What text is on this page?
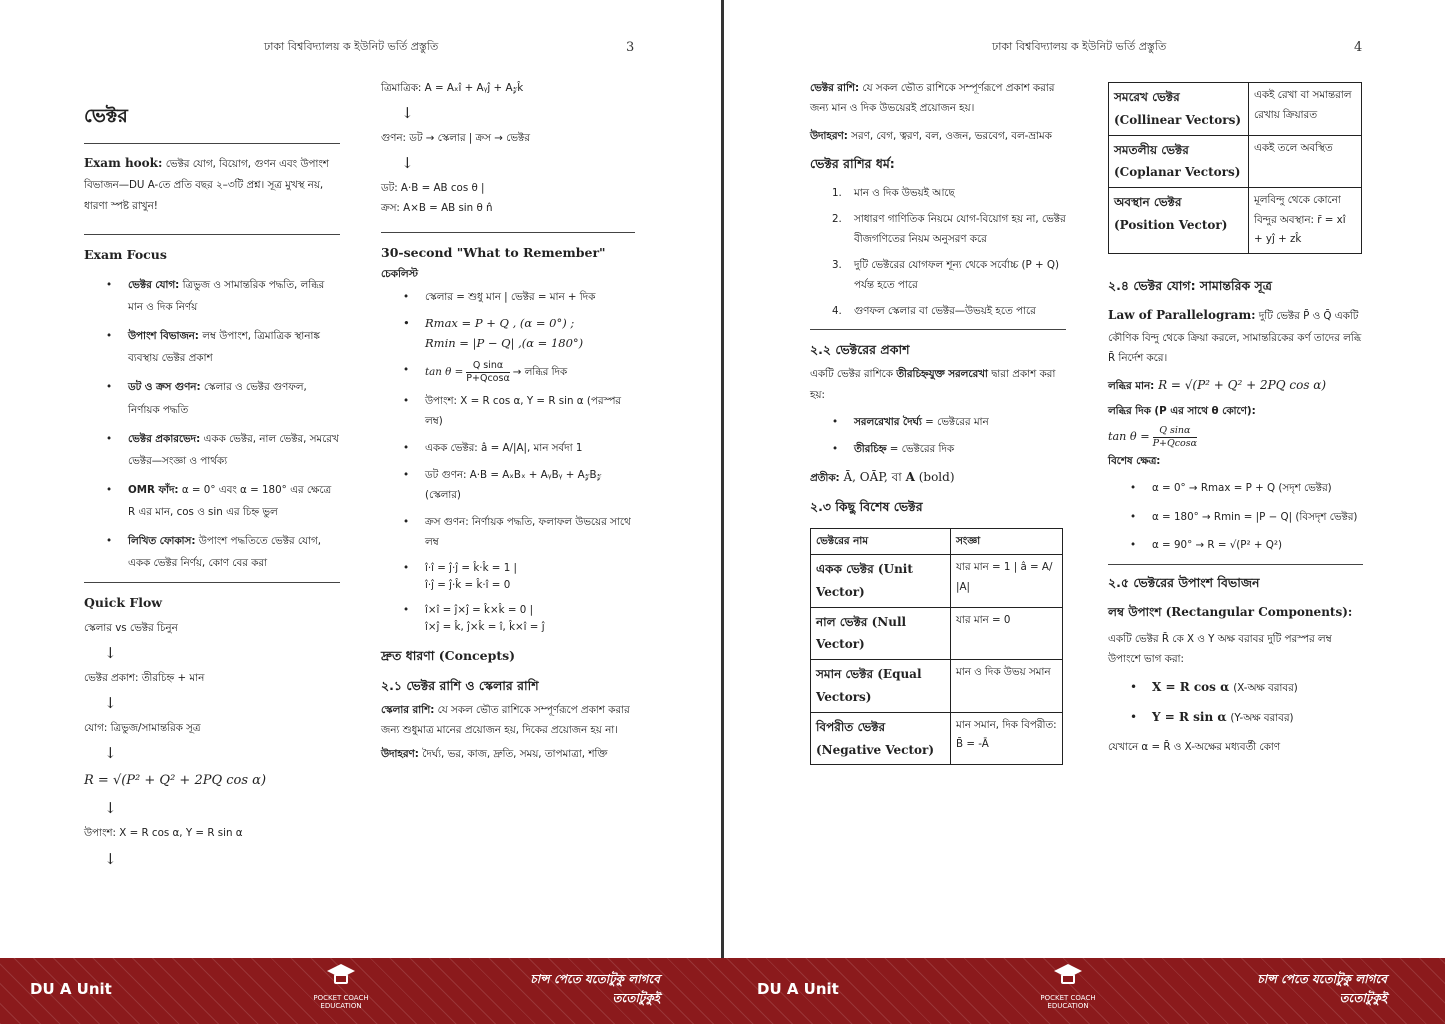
ঢাকা বিশ্ববিদ্যালয় ক ইউনিট ভর্তি প্রস্তুতি	3
ভেক্টর

Exam hook: ভেক্টর যোগ, বিয়োগ, গুণন এবং উপাংশ বিভাজন—DU A-তে প্রতি বছর ২–৩টি প্রশ্ন। সূত্র মুখস্থ নয়, ধারণা স্পষ্ট রাখুন!

Exam Focus
• ভেক্টর যোগ: ত্রিভুজ ও সামান্তরিক পদ্ধতি, লব্ধির মান ও দিক নির্ণয়
• উপাংশ বিভাজন: লম্ব উপাংশ, ত্রিমাত্রিক স্থানাঙ্ক ব্যবস্থায় ভেক্টর প্রকাশ
• ডট ও ক্রস গুণন: স্কেলার ও ভেক্টর গুণফল, নির্ণায়ক পদ্ধতি
• ভেক্টর প্রকারভেদ: একক ভেক্টর, নাল ভেক্টর, সমরেখ ভেক্টর—সংজ্ঞা ও পার্থক্য
• OMR ফাঁদ: α = 0° এবং α = 180° এর ক্ষেত্রে R এর মান, cos ও sin এর চিহ্ন ভুল
• লিখিত ফোকাস: উপাংশ পদ্ধতিতে ভেক্টর যোগ, একক ভেক্টর নির্ণয়, কোণ বের করা
Quick Flow

স্কেলার vs ভেক্টর চিনুন

↓

ভেক্টর প্রকাশ: তীরচিহ্ন + মান

↓

যোগ: ত্রিভুজ/সামান্তরিক সূত্র

↓

R = √(P² + Q² + 2PQ cos α)

↓

উপাংশ: X = R cos α, Y = R sin α

↓

ত্রিমাত্রিক: A = Aₓî + Aᵧĵ + A𝓏k̂

↓

গুণন: ডট → স্কেলার | ক্রস → ভেক্টর

↓

ডট: A·B = AB cos θ |

ক্রস: A×B = AB sin θ n̂

30-second "What to Remember"

চেকলিস্ট

• স্কেলার = শুধু মান | ভেক্টর = মান + দিক
• Rmax = P + Q , (α = 0°) ;
Rmin = |P − Q| ,(α = 180°)
• $\tan \theta = \frac{\text{Q sinα}}{P+Qcos\alpha}$ → লব্ধির দিক
• উপাংশ: X = R cos α, Y = R sin α (পরস্পর লম্ব)
• একক ভেক্টর: â = A/|A|, মান সর্বদা 1
• ডট গুণন: A·B = AₓBₓ + AᵧBᵧ + A𝓏B𝓏 (স্কেলার)
• ক্রস গুণন: নির্ণায়ক পদ্ধতি, ফলাফল উভয়ের সাথে লম্ব
• î·î = ĵ·ĵ = k̂·k̂ = 1 |
î·ĵ = ĵ·k̂ = k̂·î = 0
• î×î = ĵ×ĵ = k̂×k̂ = 0 |
î×ĵ = k̂, ĵ×k̂ = î, k̂×î = ĵ
দ্রুত ধারণা (Concepts)
২.১ ভেক্টর রাশি ও স্কেলার রাশি

স্কেলার রাশি: যে সকল ভৌত রাশিকে সম্পূর্ণরূপে প্রকাশ করার জন্য শুধুমাত্র মানের প্রয়োজন হয়, দিকের প্রয়োজন হয় না।

উদাহরণ: দৈর্ঘ্য, ভর, কাজ, দ্রুতি, সময়, তাপমাত্রা, শক্তি

ঢাকা বিশ্ববিদ্যালয় ক ইউনিট ভর্তি প্রস্তুতি	4

ভেক্টর রাশি: যে সকল ভৌত রাশিকে সম্পূর্ণরূপে প্রকাশ করার জন্য মান ও দিক উভয়েরই প্রয়োজন হয়।

উদাহরণ: সরণ, বেগ, ত্বরণ, বল, ওজন, ভরবেগ, বল-ভ্রামক

ভেক্টর রাশির ধর্ম:
1. মান ও দিক উভয়ই আছে
2. সাধারণ গাণিতিক নিয়মে যোগ-বিয়োগ হয় না, ভেক্টর বীজগণিতের নিয়ম অনুসরণ করে
3. দুটি ভেক্টরের যোগফল শূন্য থেকে সর্বোচ্চ (P + Q) পর্যন্ত হতে পারে
4. গুণফল স্কেলার বা ভেক্টর—উভয়ই হতে পারে
২.২ ভেক্টরের প্রকাশ

একটি ভেক্টর রাশিকে তীরচিহ্নযুক্ত সরলরেখা দ্বারা প্রকাশ করা হয়:

• সরলরেখার দৈর্ঘ্য = ভেক্টরের মান
• তীরচিহ্ন = ভেক্টরের দিক

প্রতীক: Ā, OĀP, বা A (bold)

২.৩ কিছু বিশেষ ভেক্টর
ভেক্টরের নাম	সংজ্ঞা
একক ভেক্টর (Unit Vector)	যার মান = 1 | â = A/ |A|
নাল ভেক্টর (Null Vector)	যার মান = 0
সমান ভেক্টর (Equal Vectors)	মান ও দিক উভয় সমান
বিপরীত ভেক্টর (Negative Vector)	মান সমান, দিক বিপরীত: B̄ = -Ā
সমরেখ ভেক্টর (Collinear Vectors)	একই রেখা বা সমান্তরাল রেখায় ক্রিয়ারত
সমতলীয় ভেক্টর (Coplanar Vectors)	একই তলে অবস্থিত
অবস্থান ভেক্টর (Position Vector)	মূলবিন্দু থেকে কোনো বিন্দুর অবস্থান: r̄ = xî + yĵ + zk̂
২.৪ ভেক্টর যোগ: সামান্তরিক সূত্র

Law of Parallelogram: দুটি ভেক্টর P̄ ও Q̄ একটি কৌণিক বিন্দু থেকে ক্রিয়া করলে, সামান্তরিকের কর্ণ তাদের লব্ধি R̄ নির্দেশ করে।

লব্ধির মান: R = √(P² + Q² + 2PQ cos α)

লব্ধির দিক (P এর সাথে θ কোণে):

$\tan \theta = \frac{\text{Q sinα}}{P+Qcos\alpha}$

বিশেষ ক্ষেত্র:

• α = 0° → Rmax = P + Q (সদৃশ ভেক্টর)
• α = 180° → Rmin = |P − Q| (বিসদৃশ ভেক্টর)
• α = 90° → R = √(P² + Q²)
২.৫ ভেক্টরের উপাংশ বিভাজন

লম্ব উপাংশ (Rectangular Components):

একটি ভেক্টর R̄ কে X ও Y অক্ষ বরাবর দুটি পরস্পর লম্ব উপাংশে ভাগ করা:

• X = R cos α (X-অক্ষ বরাবর)
• Y = R sin α (Y-অক্ষ বরাবর)

যেখানে α = R̄ ও X-অক্ষের মধ্যবর্তী কোণ

DU A Unit	POCKET COACH
EDUCATION
চান্স পেতে যতোটুকু লাগবে
ততোটুকুই
DU A Unit	POCKET COACH
EDUCATION
চান্স পেতে যতোটুকু লাগবে
ততোটুকুই
